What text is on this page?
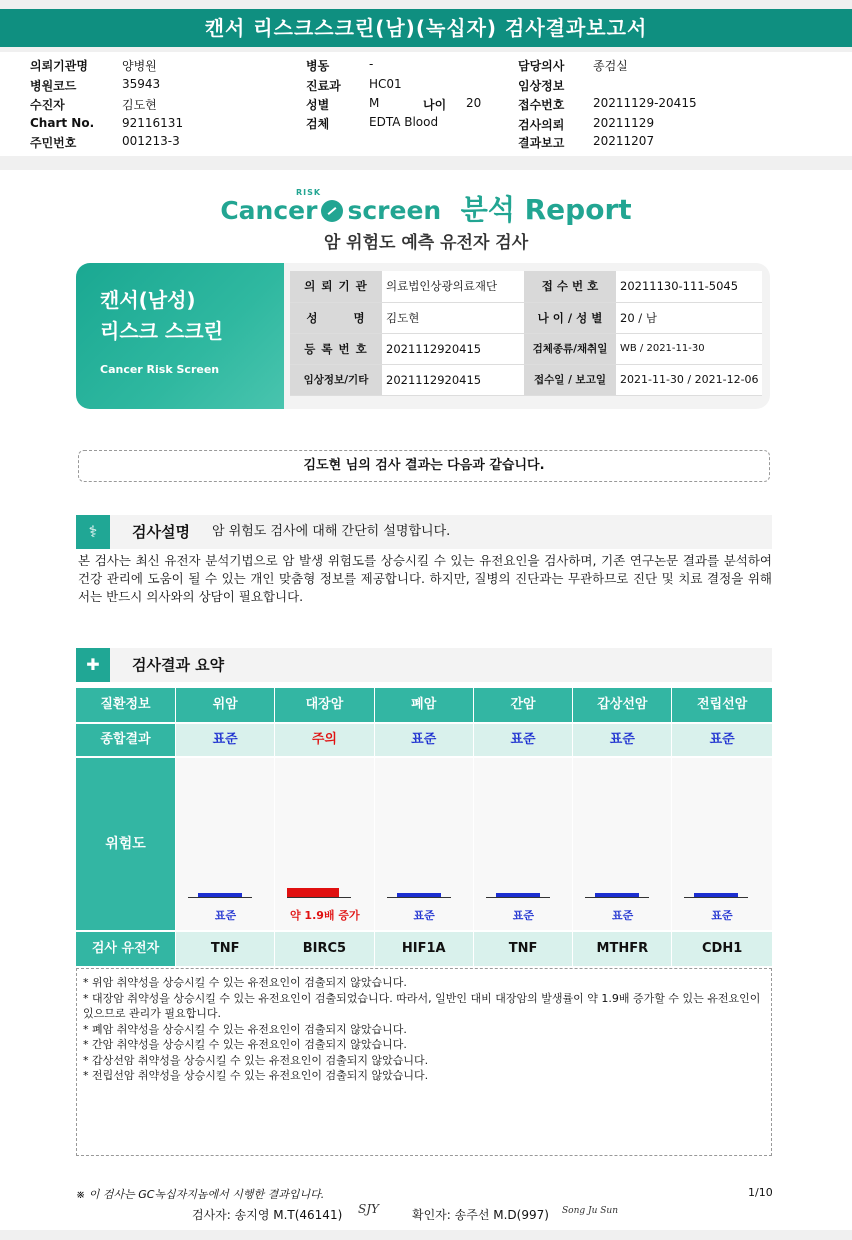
캔서 리스크스크린(남)(녹십자) 검사결과보고서
의뢰기관명	양병원
병원코드	35943
수진자	김도현
Chart No. 92116131
주민번호	001213-3
병동	-
진료과 HC01
성별	M	나이 20
검체	EDTA Blood
담당의사 종검실
임상정보
접수번호 20211129-20415
검사의뢰 20211129
결과보고 20211207
RISK
Cancer screen 분석 Report
암 위험도 예측 유전자 검사
캔서(남성)
리스크 스크린
Cancer Risk Screen
의 뢰 기 관	의료법인상광의료재단	접 수 번 호	20211130-111-5045
성       명	김도현	나 이 / 성 별	20 / 남
등 록 번 호	2021112920415	검체종류/채취일	WB / 2021-11-30
임상정보/기타	2021112920415	접수일 / 보고일	2021-11-30 / 2021-12-06
김도현 님의 검사 결과는 다음과 같습니다.
⚕	검사설명 암 위험도 검사에 대해 간단히 설명합니다.
본 검사는 최신 유전자 분석기법으로 암 발생 위험도를 상승시킬 수 있는 유전요인을 검사하며, 기존 연구논문 결과를 분석하여 건강 관리에 도움이 될 수 있는 개인 맞춤형 정보를 제공합니다. 하지만, 질병의 진단과는 무관하므로 진단 및 치료 결정을 위해서는 반드시 의사와의 상담이 필요합니다.
✚	검사결과 요약
질환정보	위암	대장암	폐암	간암	갑상선암	전립선암
종합결과	표준	주의	표준	표준	표준	표준
위험도
표준	약 1.9배 증가	표준	표준	표준	표준
검사 유전자	TNF	BIRC5	HIF1A	TNF	MTHFR	CDH1
* 위암 취약성을 상승시킬 수 있는 유전요인이 검출되지 않았습니다.
* 대장암 취약성을 상승시킬 수 있는 유전요인이 검출되었습니다. 따라서, 일반인 대비 대장암의 발생률이 약 1.9배 증가할 수 있는 유전요인이 있으므로 관리가 필요합니다.
* 폐암 취약성을 상승시킬 수 있는 유전요인이 검출되지 않았습니다.
* 간암 취약성을 상승시킬 수 있는 유전요인이 검출되지 않았습니다.
* 갑상선암 취약성을 상승시킬 수 있는 유전요인이 검출되지 않았습니다.
* 전립선암 취약성을 상승시킬 수 있는 유전요인이 검출되지 않았습니다.
※ 이 검사는 GC녹십자지놈에서 시행한 결과입니다.	1/10
검사자: 송지영 M.T(46141) SJY	확인자: 송주선 M.D(997) Song Ju Sun
